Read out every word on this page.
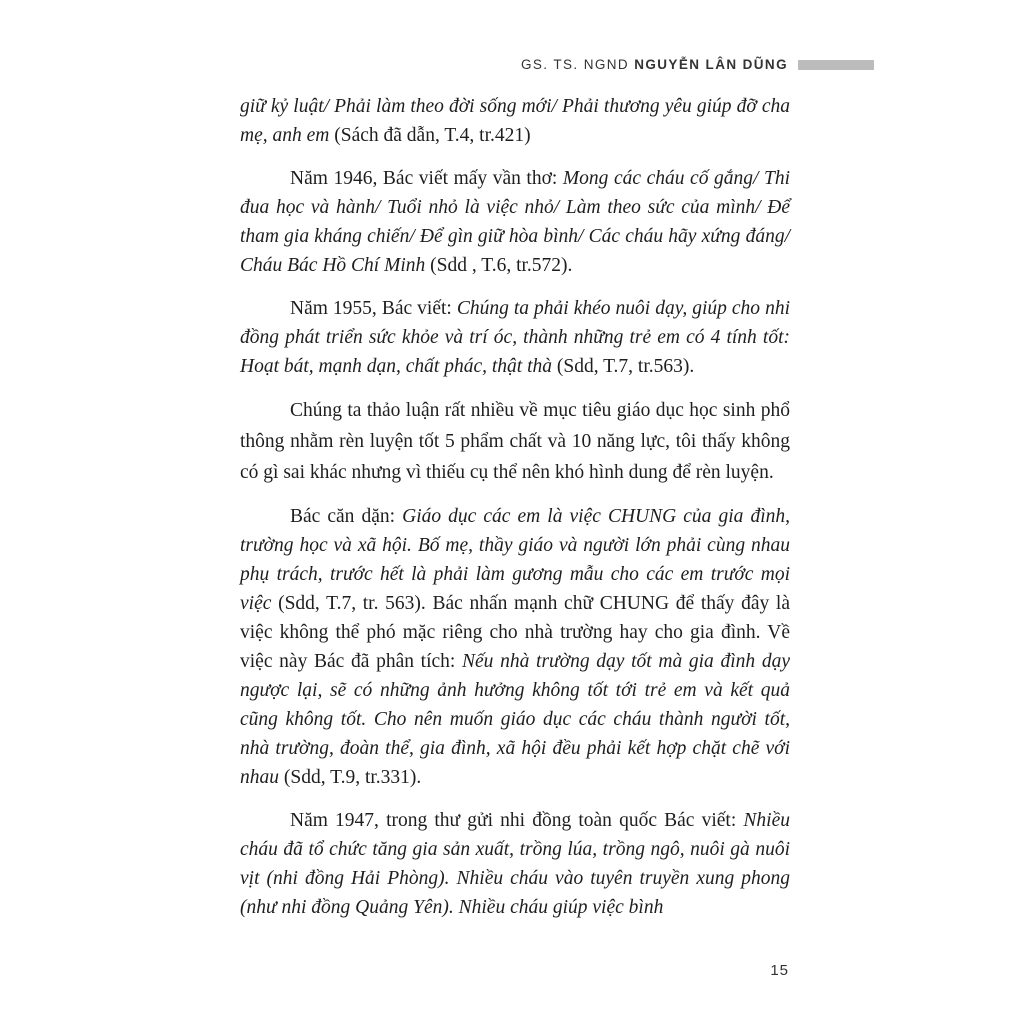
GS. TS. NGND NGUYỄN LÂN DŨNG

giữ kỷ luật/ Phải làm theo đời sống mới/ Phải thương yêu giúp đỡ cha mẹ, anh em (Sách đã dẫn, T.4, tr.421)

Năm 1946, Bác viết mấy vần thơ: Mong các cháu cố gắng/ Thi đua học và hành/ Tuổi nhỏ là việc nhỏ/ Làm theo sức của mình/ Để tham gia kháng chiến/ Để gìn giữ hòa bình/ Các cháu hãy xứng đáng/ Cháu Bác Hồ Chí Minh (Sdd , T.6, tr.572).

Năm 1955, Bác viết: Chúng ta phải khéo nuôi dạy, giúp cho nhi đồng phát triển sức khỏe và trí óc, thành những trẻ em có 4 tính tốt: Hoạt bát, mạnh dạn, chất phác, thật thà (Sdd, T.7, tr.563).

Chúng ta thảo luận rất nhiều về mục tiêu giáo dục học sinh phổ thông nhằm rèn luyện tốt 5 phẩm chất và 10 năng lực, tôi thấy không có gì sai khác nhưng vì thiếu cụ thể nên khó hình dung để rèn luyện.

Bác căn dặn: Giáo dục các em là việc CHUNG của gia đình, trường học và xã hội. Bố mẹ, thầy giáo và người lớn phải cùng nhau phụ trách, trước hết là phải làm gương mẫu cho các em trước mọi việc (Sdd, T.7, tr. 563). Bác nhấn mạnh chữ CHUNG để thấy đây là việc không thể phó mặc riêng cho nhà trường hay cho gia đình. Về việc này Bác đã phân tích: Nếu nhà trường dạy tốt mà gia đình dạy ngược lại, sẽ có những ảnh hưởng không tốt tới trẻ em và kết quả cũng không tốt. Cho nên muốn giáo dục các cháu thành người tốt, nhà trường, đoàn thể, gia đình, xã hội đều phải kết hợp chặt chẽ với nhau (Sdd, T.9, tr.331).

Năm 1947, trong thư gửi nhi đồng toàn quốc Bác viết: Nhiều cháu đã tổ chức tăng gia sản xuất, trồng lúa, trồng ngô, nuôi gà nuôi vịt (nhi đồng Hải Phòng). Nhiều cháu vào tuyên truyền xung phong (như nhi đồng Quảng Yên). Nhiều cháu giúp việc bình

15
